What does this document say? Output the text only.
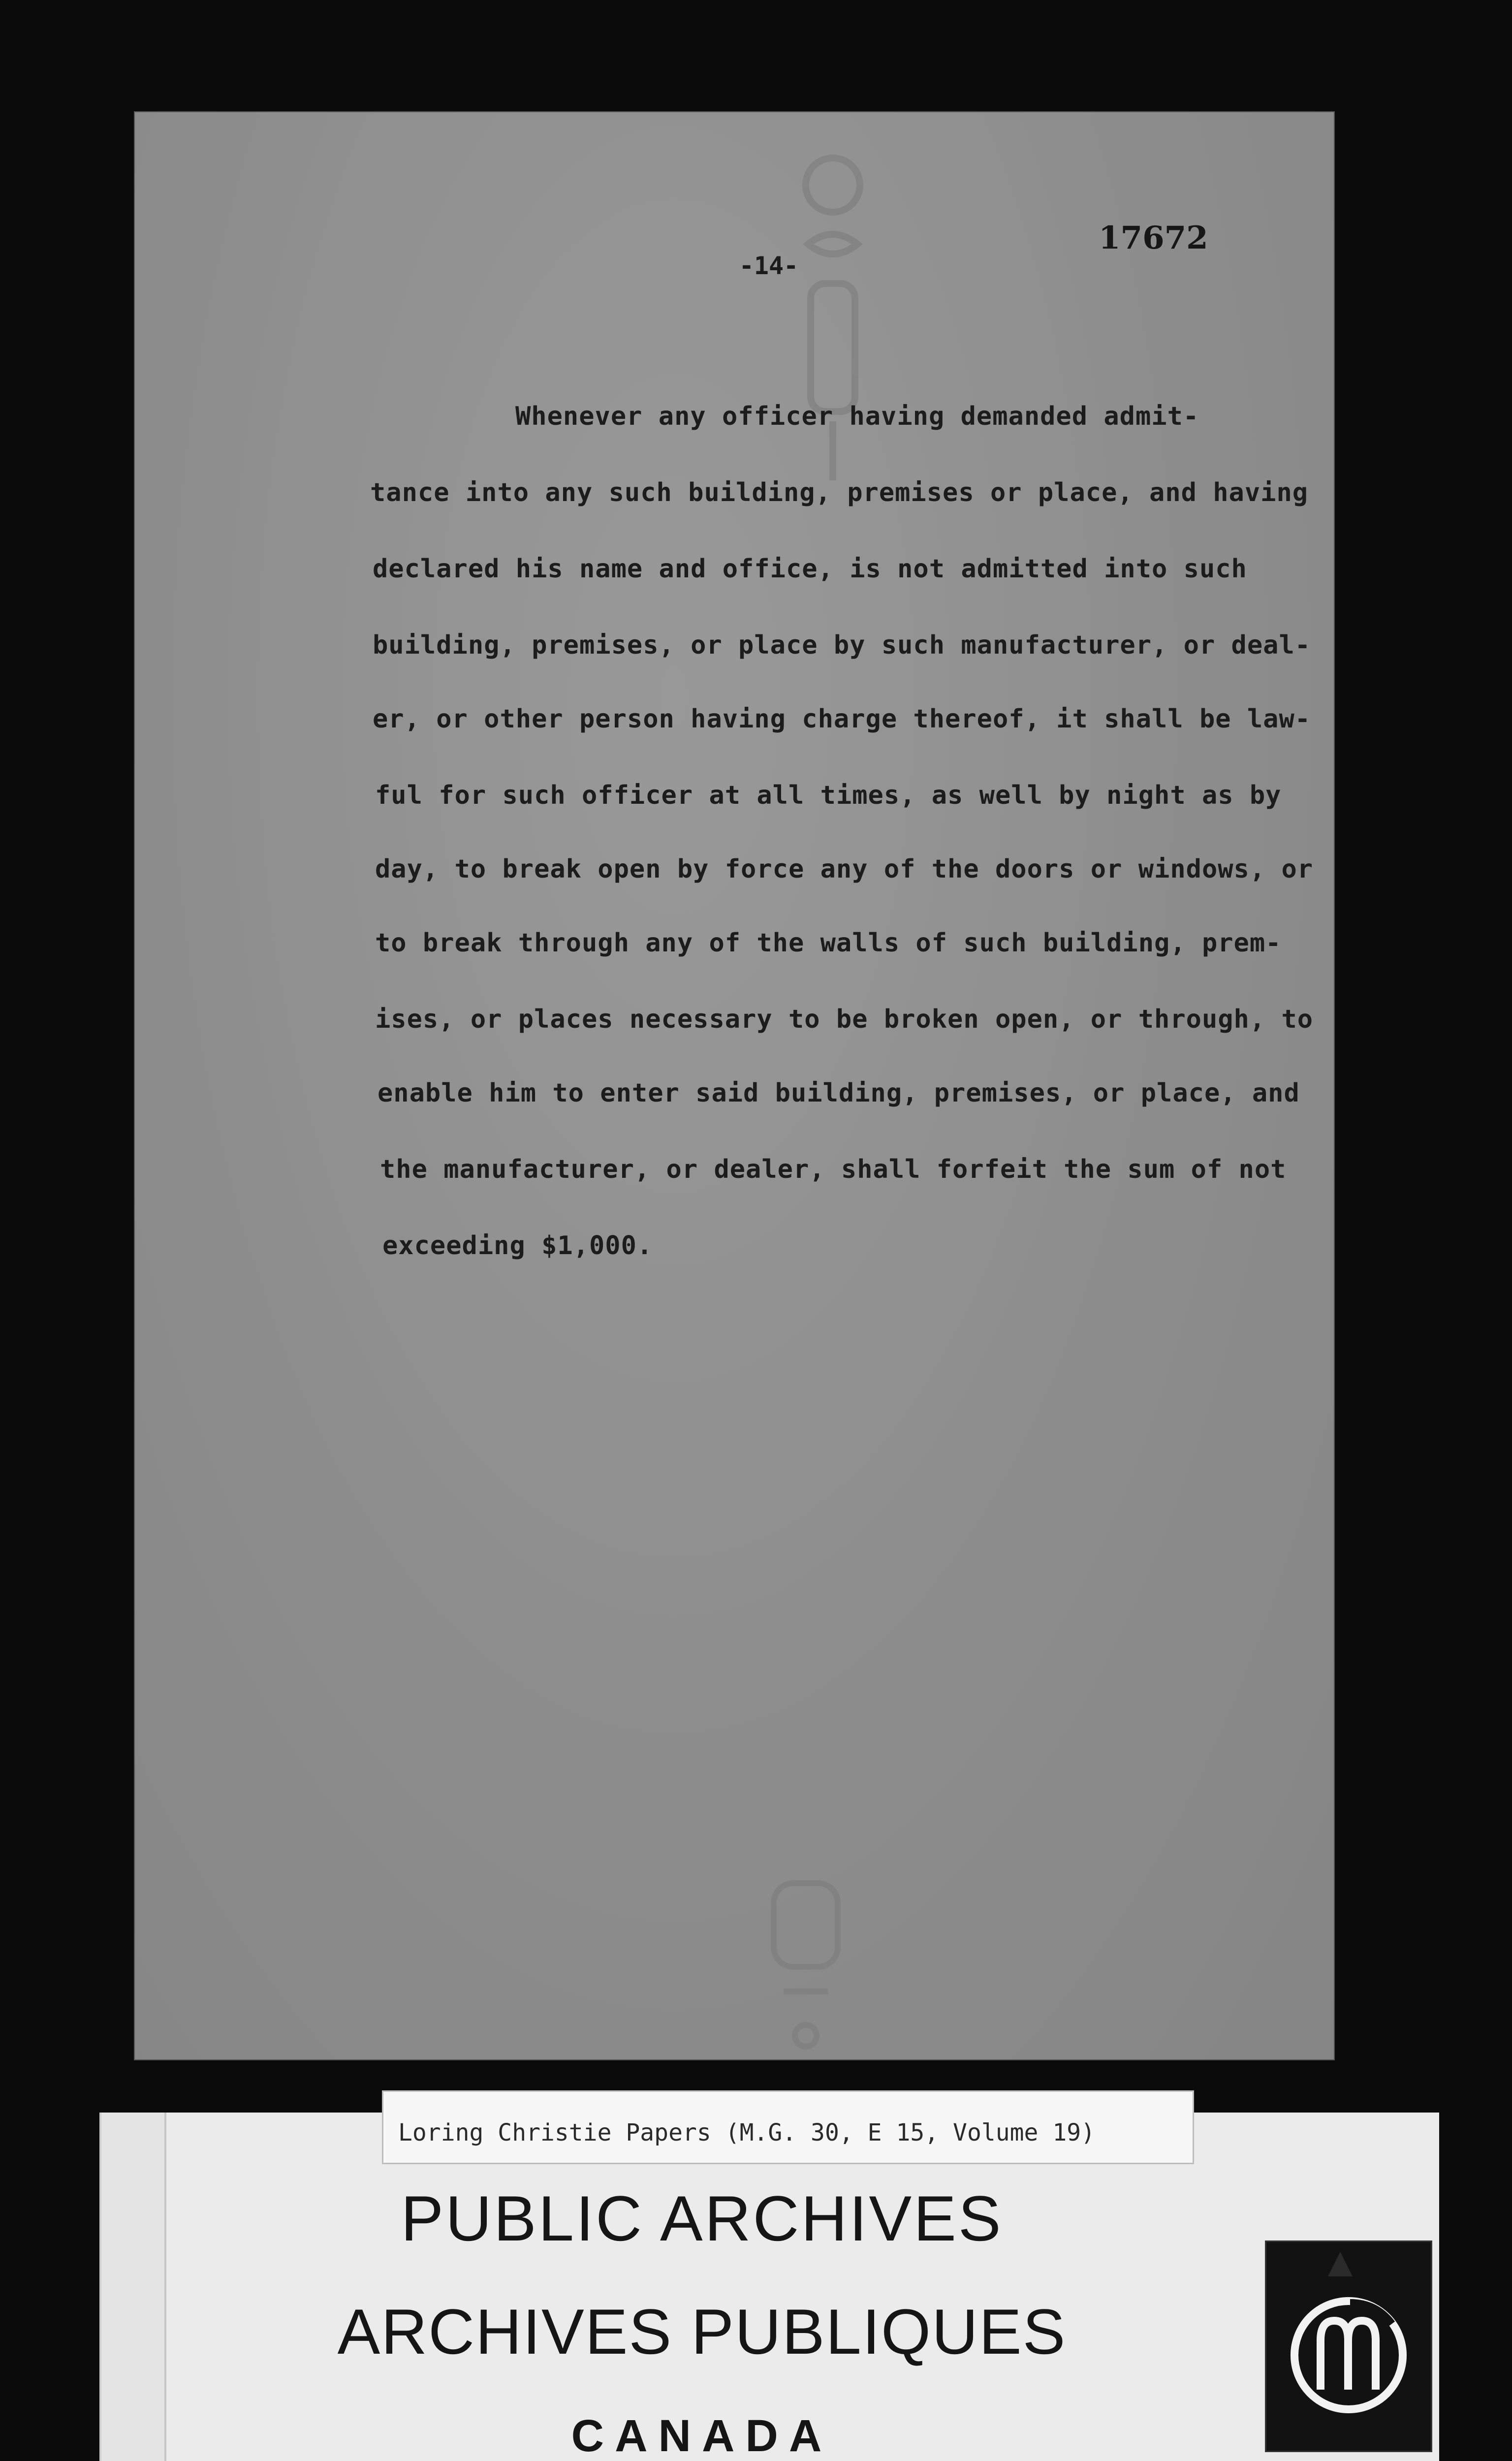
-14-
17672
Whenever any officer having demanded admit-
tance into any such building, premises or place, and having
declared his name and office, is not admitted into such
building, premises, or place by such manufacturer, or deal-
er, or other person having charge thereof, it shall be law-
ful for such officer at all times, as well by night as by
day, to break open by force any of the doors or windows, or
to break through any of the walls of such building, prem-
ises, or places necessary to be broken open, or through, to
enable him to enter said building, premises, or place, and
the manufacturer, or dealer, shall forfeit the sum of not
exceeding $1,000.
Loring Christie Papers (M.G. 30, E 15, Volume 19)
PUBLIC ARCHIVES
ARCHIVES PUBLIQUES
CANADA
